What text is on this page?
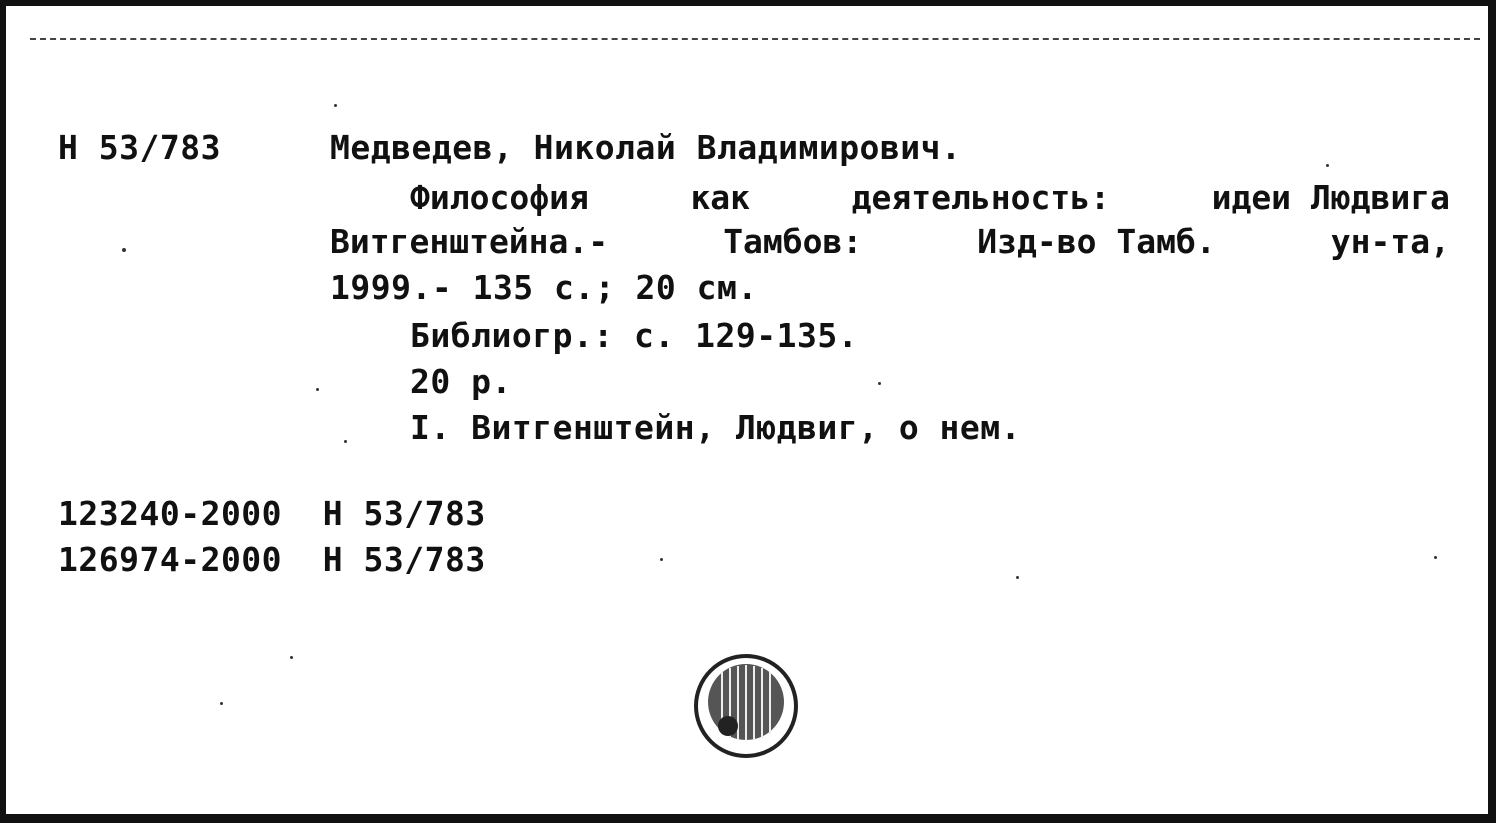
Н 53/783	Медведев, Николай Владимирович.
Философия	как	деятельность:	идеи Людвига
Витгенштейна.-	Тамбов:	Изд-во Тамб.	ун-та,
1999.- 135 с.; 20 см.
Библиогр.: с. 129-135.
20 р.
I. Витгенштейн, Людвиг, о нем.
123240-2000 Н 53/783
126974-2000 Н 53/783
